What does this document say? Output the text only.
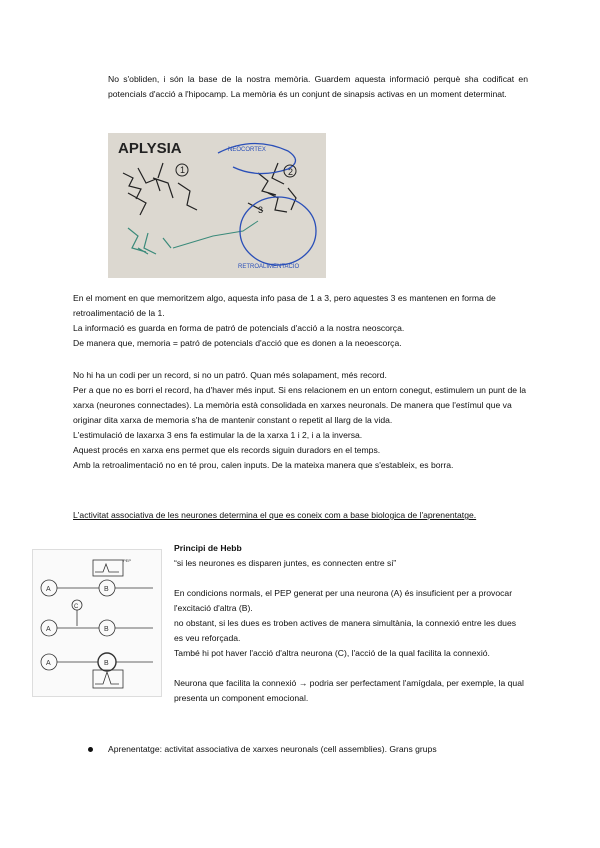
No s'obliden, i són la base de la nostra memòria. Guardem aquesta informació perquè sha codificat en potencials d'acció a l'hipocamp. La memòria és un conjunt de sinapsis activas en un moment determinat.

APLYSIA
1	2
3
NEOCORTEX
RETROALIMENTACIO
En el moment en que memoritzem algo, aquesta info pasa de 1 a 3, pero aquestes 3 es mantenen en forma de retroalimentació de la 1.
La informació es guarda en forma de patró de potencials d'acció a la nostra neoscorça.
De manera que, memoria = patró de potencials d'acció que es donen a la neoescorça.
No hi ha un codi per un record, si no un patró. Quan més solapament, més record.
Per a que no es borri el record, ha d'haver més input. Si ens relacionem en un entorn conegut, estimulem un punt de la xarxa (neurones connectades). La memòria està consolidada en xarxes neuronals. De manera que l'estímul que va originar dita xarxa de memoria s'ha de mantenir constant o repetit al llarg de la vida.
L'estimulació de laxarxa 3 ens fa estimular la de la xarxa 1 i 2, i a la inversa.
Aquest procés en xarxa ens permet que els records siguin duradors en el temps.
Amb la retroalimentació no en té prou, calen inputs. De la mateixa manera que s'estableix, es borra.
L'activitat associativa de les neurones determina el que es coneix com a base biologica de l'aprenentatge.
A	B
C
A	B
A	B
PEP
Principi de Hebb
“si les neurones es disparen juntes, es connecten entre si”
En condicions normals, el PEP generat per una neurona (A) és insuficient per a provocar l'excitació d'altra (B).
no obstant, si les dues es troben actives de manera simultània, la connexió entre les dues es veu reforçada.
També hi pot haver l'acció d'altra neurona (C), l'acció de la qual facilita la connexió.
Neurona que facilita la connexió → podria ser perfectament l'amígdala, per exemple, la qual presenta un component emocional.
Aprenentatge: activitat associativa de xarxes neuronals (cell assemblies). Grans grups
